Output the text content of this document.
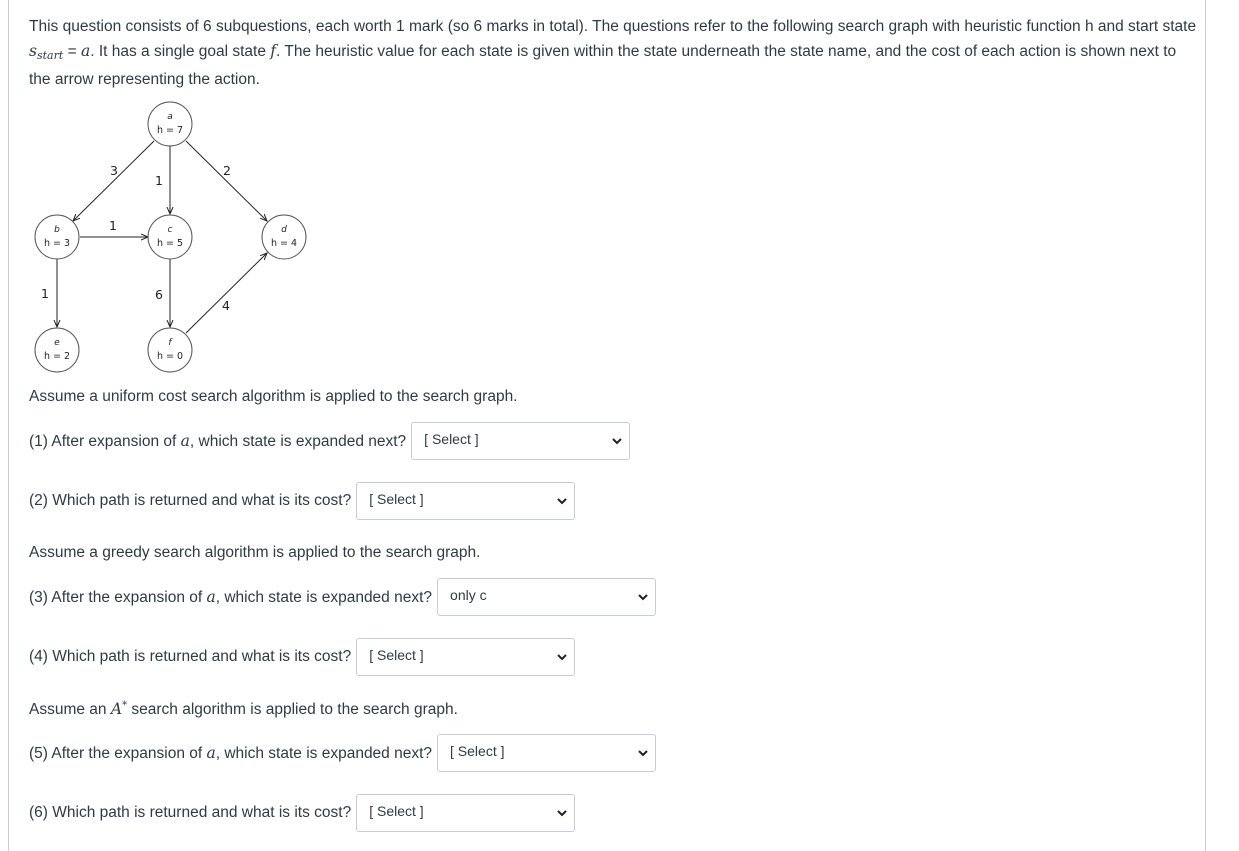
This question consists of 6 subquestions, each worth 1 mark (so 6 marks in total). The questions refer to the following search graph with heuristic function h and start state sstart = a. It has a single goal state f. The heuristic value for each state is given within the state underneath the state name, and the cost of each action is shown next to the arrow representing the action.

3
1
2
1
1	6
4
a
h = 7
b
h = 3
c
h = 5
d
h = 4
e
h = 2
f
h = 0

Assume a uniform cost search algorithm is applied to the search graph.

(1) After expansion of a, which state is expanded next? [ Select ]
(2) Which path is returned and what is its cost? [ Select ]

Assume a greedy search algorithm is applied to the search graph.

(3) After the expansion of a, which state is expanded next? only c
(4) Which path is returned and what is its cost? [ Select ]

Assume an A* search algorithm is applied to the search graph.

(5) After the expansion of a, which state is expanded next? [ Select ]
(6) Which path is returned and what is its cost? [ Select ]
